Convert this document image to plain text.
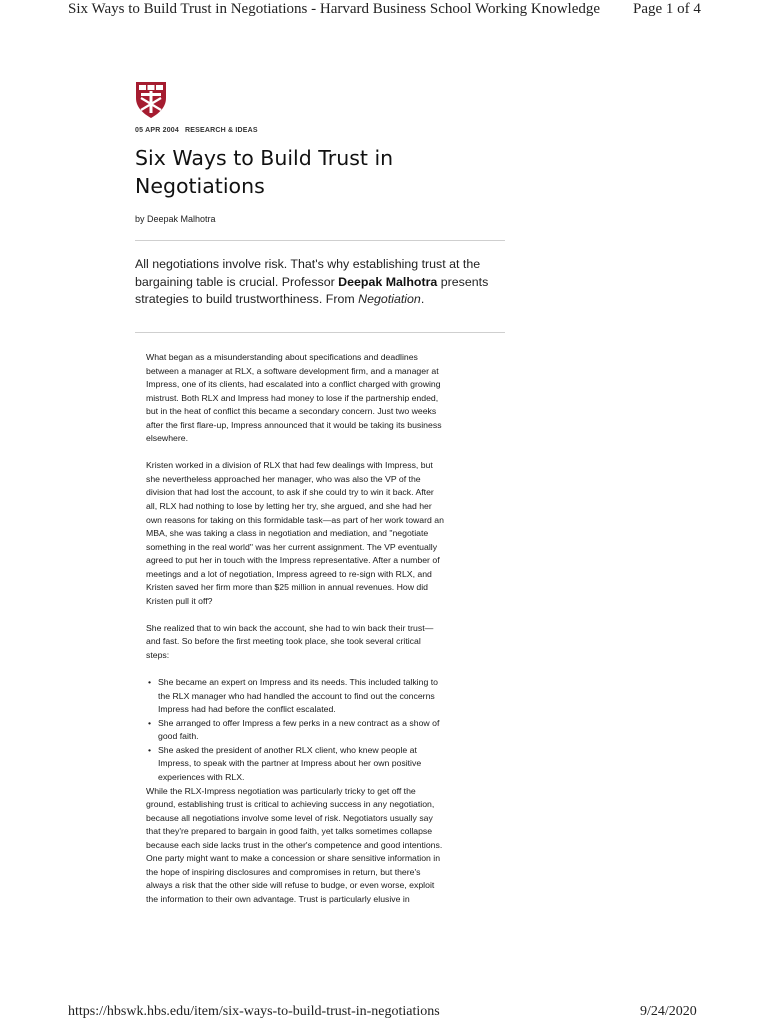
Six Ways to Build Trust in Negotiations - Harvard Business School Working Knowledge Page 1 of 4
05 APR 2004 RESEARCH & IDEAS
Six Ways to Build Trust in Negotiations
by Deepak Malhotra

All negotiations involve risk. That's why establishing trust at the bargaining table is crucial. Professor Deepak Malhotra presents strategies to build trustworthiness. From Negotiation.

What began as a misunderstanding about specifications and deadlines between a manager at RLX, a software development firm, and a manager at Impress, one of its clients, had escalated into a conflict charged with growing mistrust. Both RLX and Impress had money to lose if the partnership ended, but in the heat of conflict this became a secondary concern. Just two weeks after the first flare-up, Impress announced that it would be taking its business elsewhere.

Kristen worked in a division of RLX that had few dealings with Impress, but she nevertheless approached her manager, who was also the VP of the division that had lost the account, to ask if she could try to win it back. After all, RLX had nothing to lose by letting her try, she argued, and she had her own reasons for taking on this formidable task—as part of her work toward an MBA, she was taking a class in negotiation and mediation, and "negotiate something in the real world" was her current assignment. The VP eventually agreed to put her in touch with the Impress representative. After a number of meetings and a lot of negotiation, Impress agreed to re-sign with RLX, and Kristen saved her firm more than $25 million in annual revenues. How did Kristen pull it off?

She realized that to win back the account, she had to win back their trust—and fast. So before the first meeting took place, she took several critical steps:

• She became an expert on Impress and its needs. This included talking to the RLX manager who had handled the account to find out the concerns Impress had had before the conflict escalated.
• She arranged to offer Impress a few perks in a new contract as a show of good faith.
• She asked the president of another RLX client, who knew people at Impress, to speak with the partner at Impress about her own positive experiences with RLX.

While the RLX-Impress negotiation was particularly tricky to get off the ground, establishing trust is critical to achieving success in any negotiation, because all negotiations involve some level of risk. Negotiators usually say that they're prepared to bargain in good faith, yet talks sometimes collapse because each side lacks trust in the other's competence and good intentions. One party might want to make a concession or share sensitive information in the hope of inspiring disclosures and compromises in return, but there's always a risk that the other side will refuse to budge, or even worse, exploit the information to their own advantage. Trust is particularly elusive in

https://hbswk.hbs.edu/item/six-ways-to-build-trust-in-negotiations	9/24/2020
